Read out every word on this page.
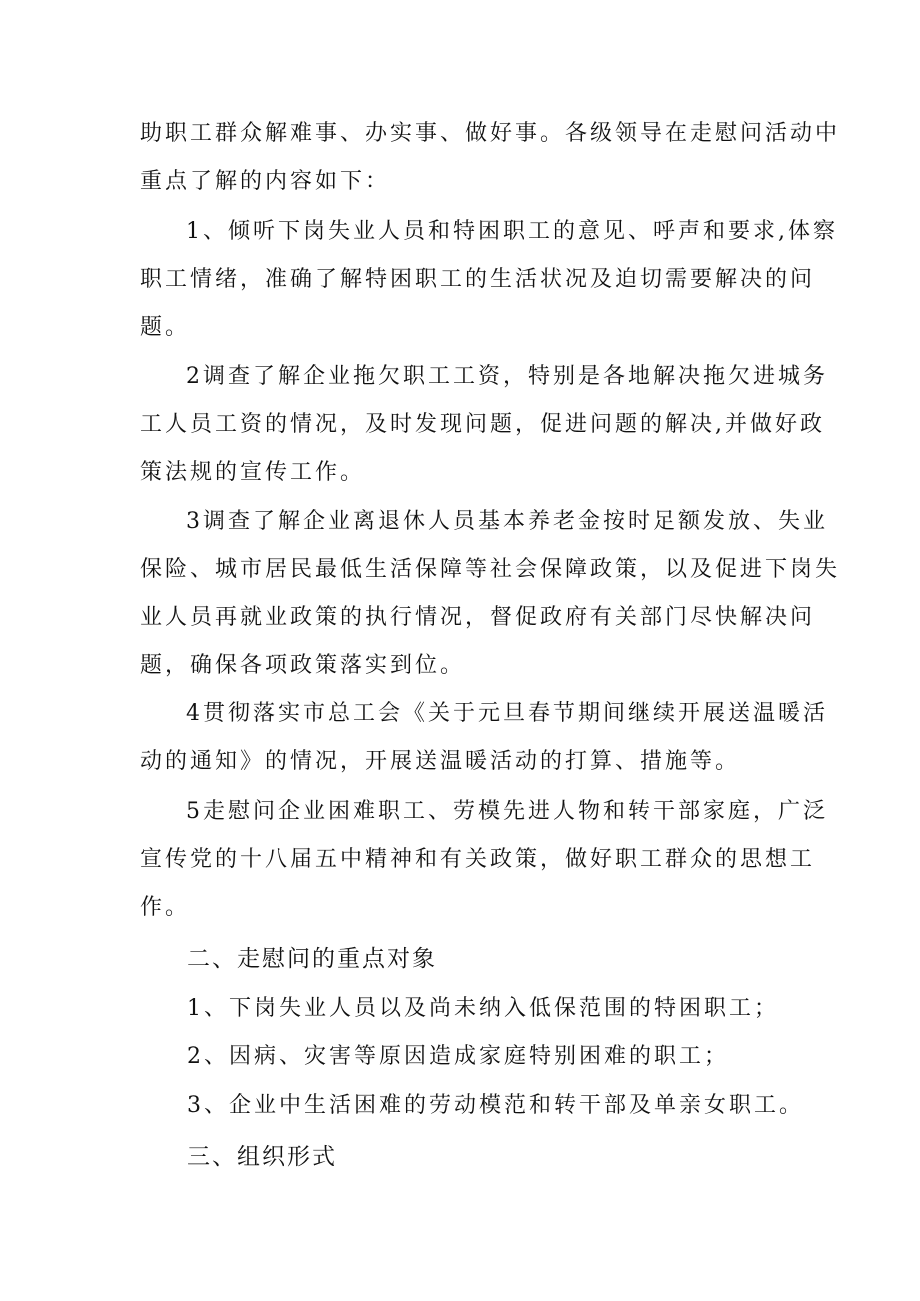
助职工群众解难事、办实事、做好事。各级领导在走慰问活动中
重点了解的内容如下：
1、倾听下岗失业人员和特困职工的意见、呼声和要求,体察
职工情绪，准确了解特困职工的生活状况及迫切需要解决的问
题。
2调查了解企业拖欠职工工资，特别是各地解决拖欠进城务
工人员工资的情况，及时发现问题，促进问题的解决,并做好政
策法规的宣传工作。
3调查了解企业离退休人员基本养老金按时足额发放、失业
保险、城市居民最低生活保障等社会保障政策，以及促进下岗失
业人员再就业政策的执行情况，督促政府有关部门尽快解决问
题，确保各项政策落实到位。
4贯彻落实市总工会《关于元旦春节期间继续开展送温暖活
动的通知》的情况，开展送温暖活动的打算、措施等。
5走慰问企业困难职工、劳模先进人物和转干部家庭，广泛
宣传党的十八届五中精神和有关政策，做好职工群众的思想工
作。
二、走慰问的重点对象
1、下岗失业人员以及尚未纳入低保范围的特困职工；
2、因病、灾害等原因造成家庭特别困难的职工；
3、企业中生活困难的劳动模范和转干部及单亲女职工。
三、组织形式
